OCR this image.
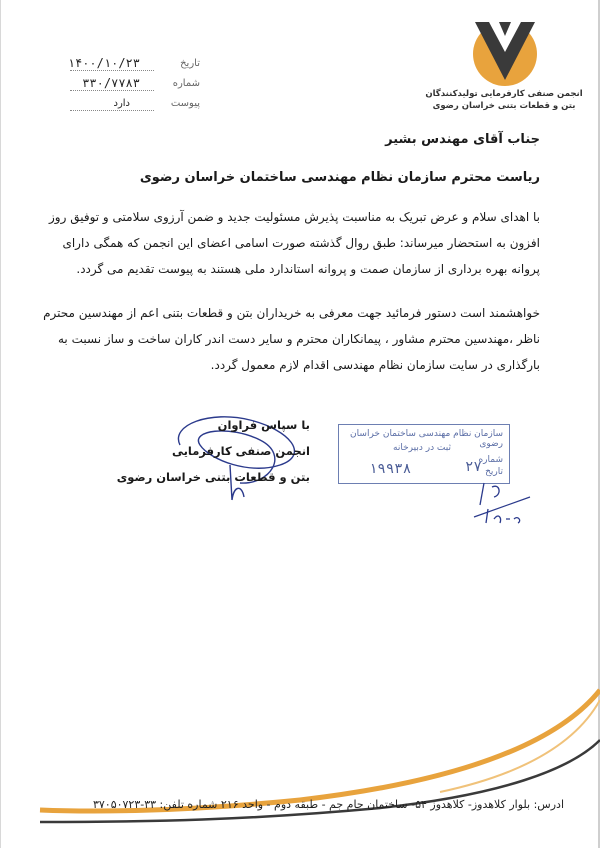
انجمن صنفی کارفرمایی تولیدکنندگان
بتن و قطعات بتنی خراسان رضوی
تاریخ
۱۴۰۰/۱۰/۲۳
شماره
۳۳۰/۷۷۸۳
پیوست
دارد
جناب آقای مهندس بشیر
ریاست محترم سازمان نظام مهندسی ساختمان خراسان رضوی
با اهدای سلام و عرض تبریک به مناسبت پذیرش مسئولیت جدید و ضمن آرزوی سلامتی و توفیق روز
افزون به استحضار میرساند: طبق روال گذشته صورت اسامی اعضای این انجمن که همگی دارای
پروانه بهره برداری از سازمان صمت و پروانه استاندارد ملی هستند به پیوست تقدیم می گردد.
خواهشمند است دستور فرمائید جهت معرفی به خریداران بتن و قطعات بتنی اعم از مهندسین محترم
ناظر ،مهندسین محترم مشاور ، پیمانکاران محترم و سایر دست اندر کاران ساخت و ساز نسبت به
بارگذاری در سایت سازمان نظام مهندسی اقدام لازم معمول گردد.
با سپاس فراوان
انجمن صنفی کارفرمایی
بتن و قطعات بتنی خراسان رضوی
سازمان نظام مهندسی ساختمان خراسان رضوی
ثبت در دبیرخانه
شماره
تاریخ
۱۹۹۳۸	۲۷
ادرس: بلوار کلاهدوز- کلاهدوز ۵۴- ساختمان جام جم - طبقه دوم - واحد ۲۱۶ شماره تلفن: ۳۳-۳۷۰۵۰۷۲۳
